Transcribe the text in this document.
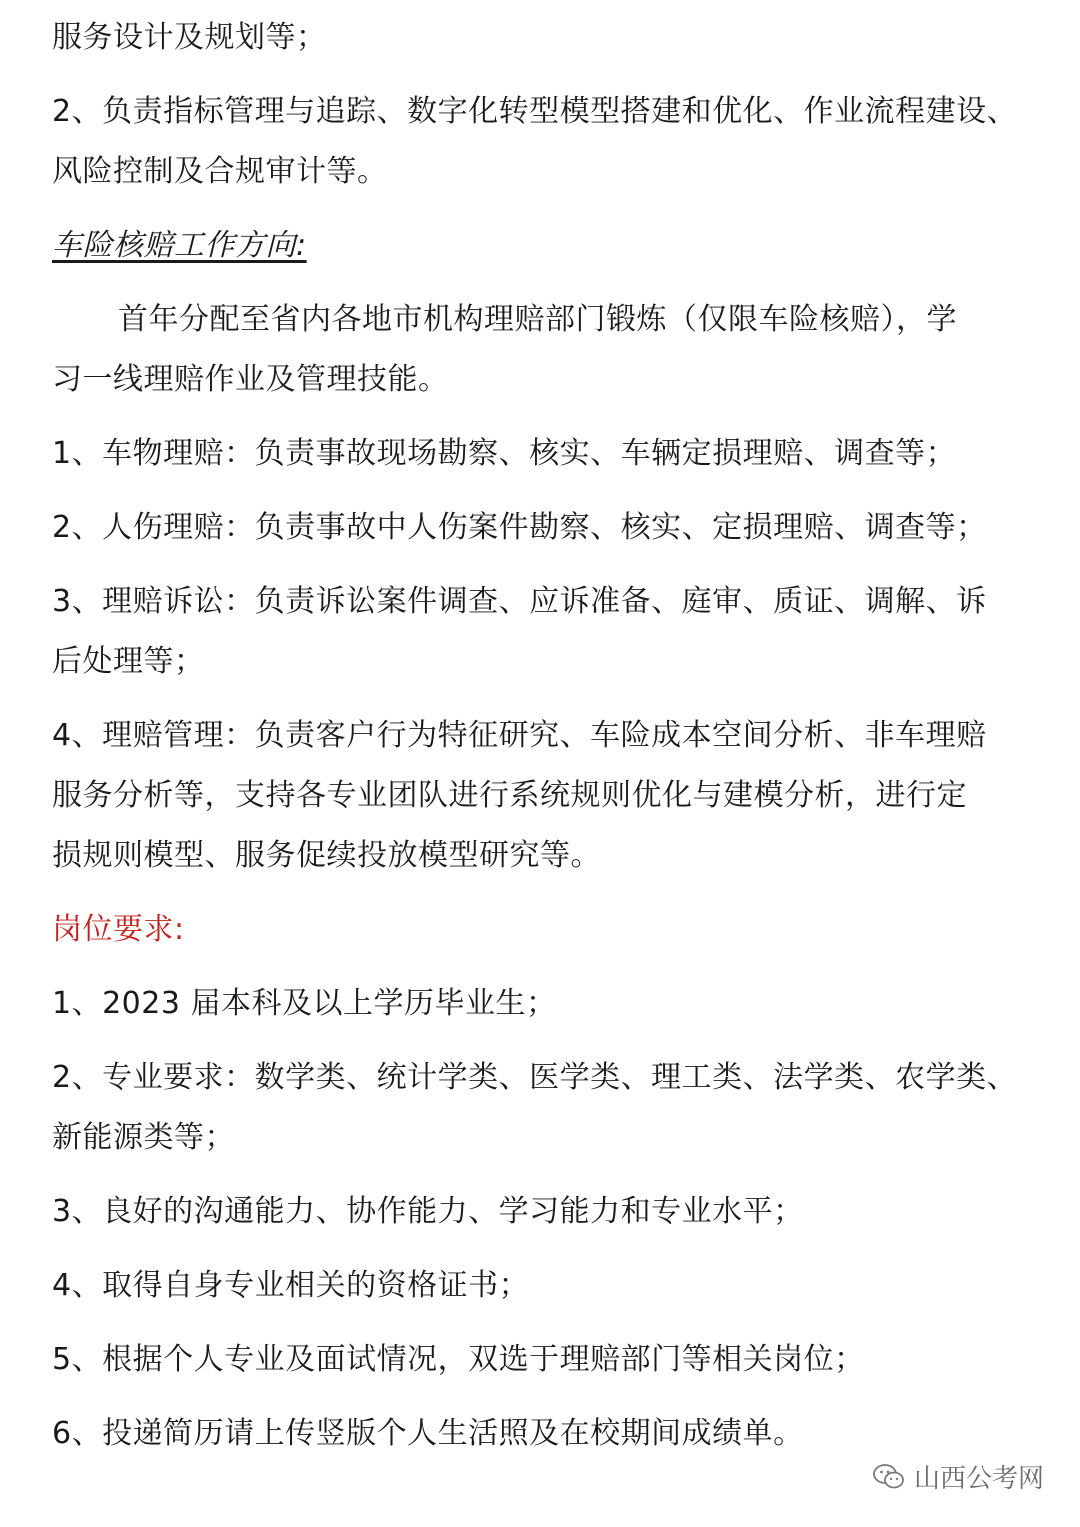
服务设计及规划等；
2、负责指标管理与追踪、数字化转型模型搭建和优化、作业流程建设、
风险控制及合规审计等。
车险核赔工作方向:
首年分配至省内各地市机构理赔部门锻炼（仅限车险核赔），学
习一线理赔作业及管理技能。
1、车物理赔：负责事故现场勘察、核实、车辆定损理赔、调查等；
2、人伤理赔：负责事故中人伤案件勘察、核实、定损理赔、调查等；
3、理赔诉讼：负责诉讼案件调查、应诉准备、庭审、质证、调解、诉
后处理等；
4、理赔管理：负责客户行为特征研究、车险成本空间分析、非车理赔
服务分析等，支持各专业团队进行系统规则优化与建模分析，进行定
损规则模型、服务促续投放模型研究等。
岗位要求:
1、2023 届本科及以上学历毕业生；
2、专业要求：数学类、统计学类、医学类、理工类、法学类、农学类、
新能源类等；
3、良好的沟通能力、协作能力、学习能力和专业水平；
4、取得自身专业相关的资格证书；
5、根据个人专业及面试情况，双选于理赔部门等相关岗位；
6、投递简历请上传竖版个人生活照及在校期间成绩单。
山西公考网
